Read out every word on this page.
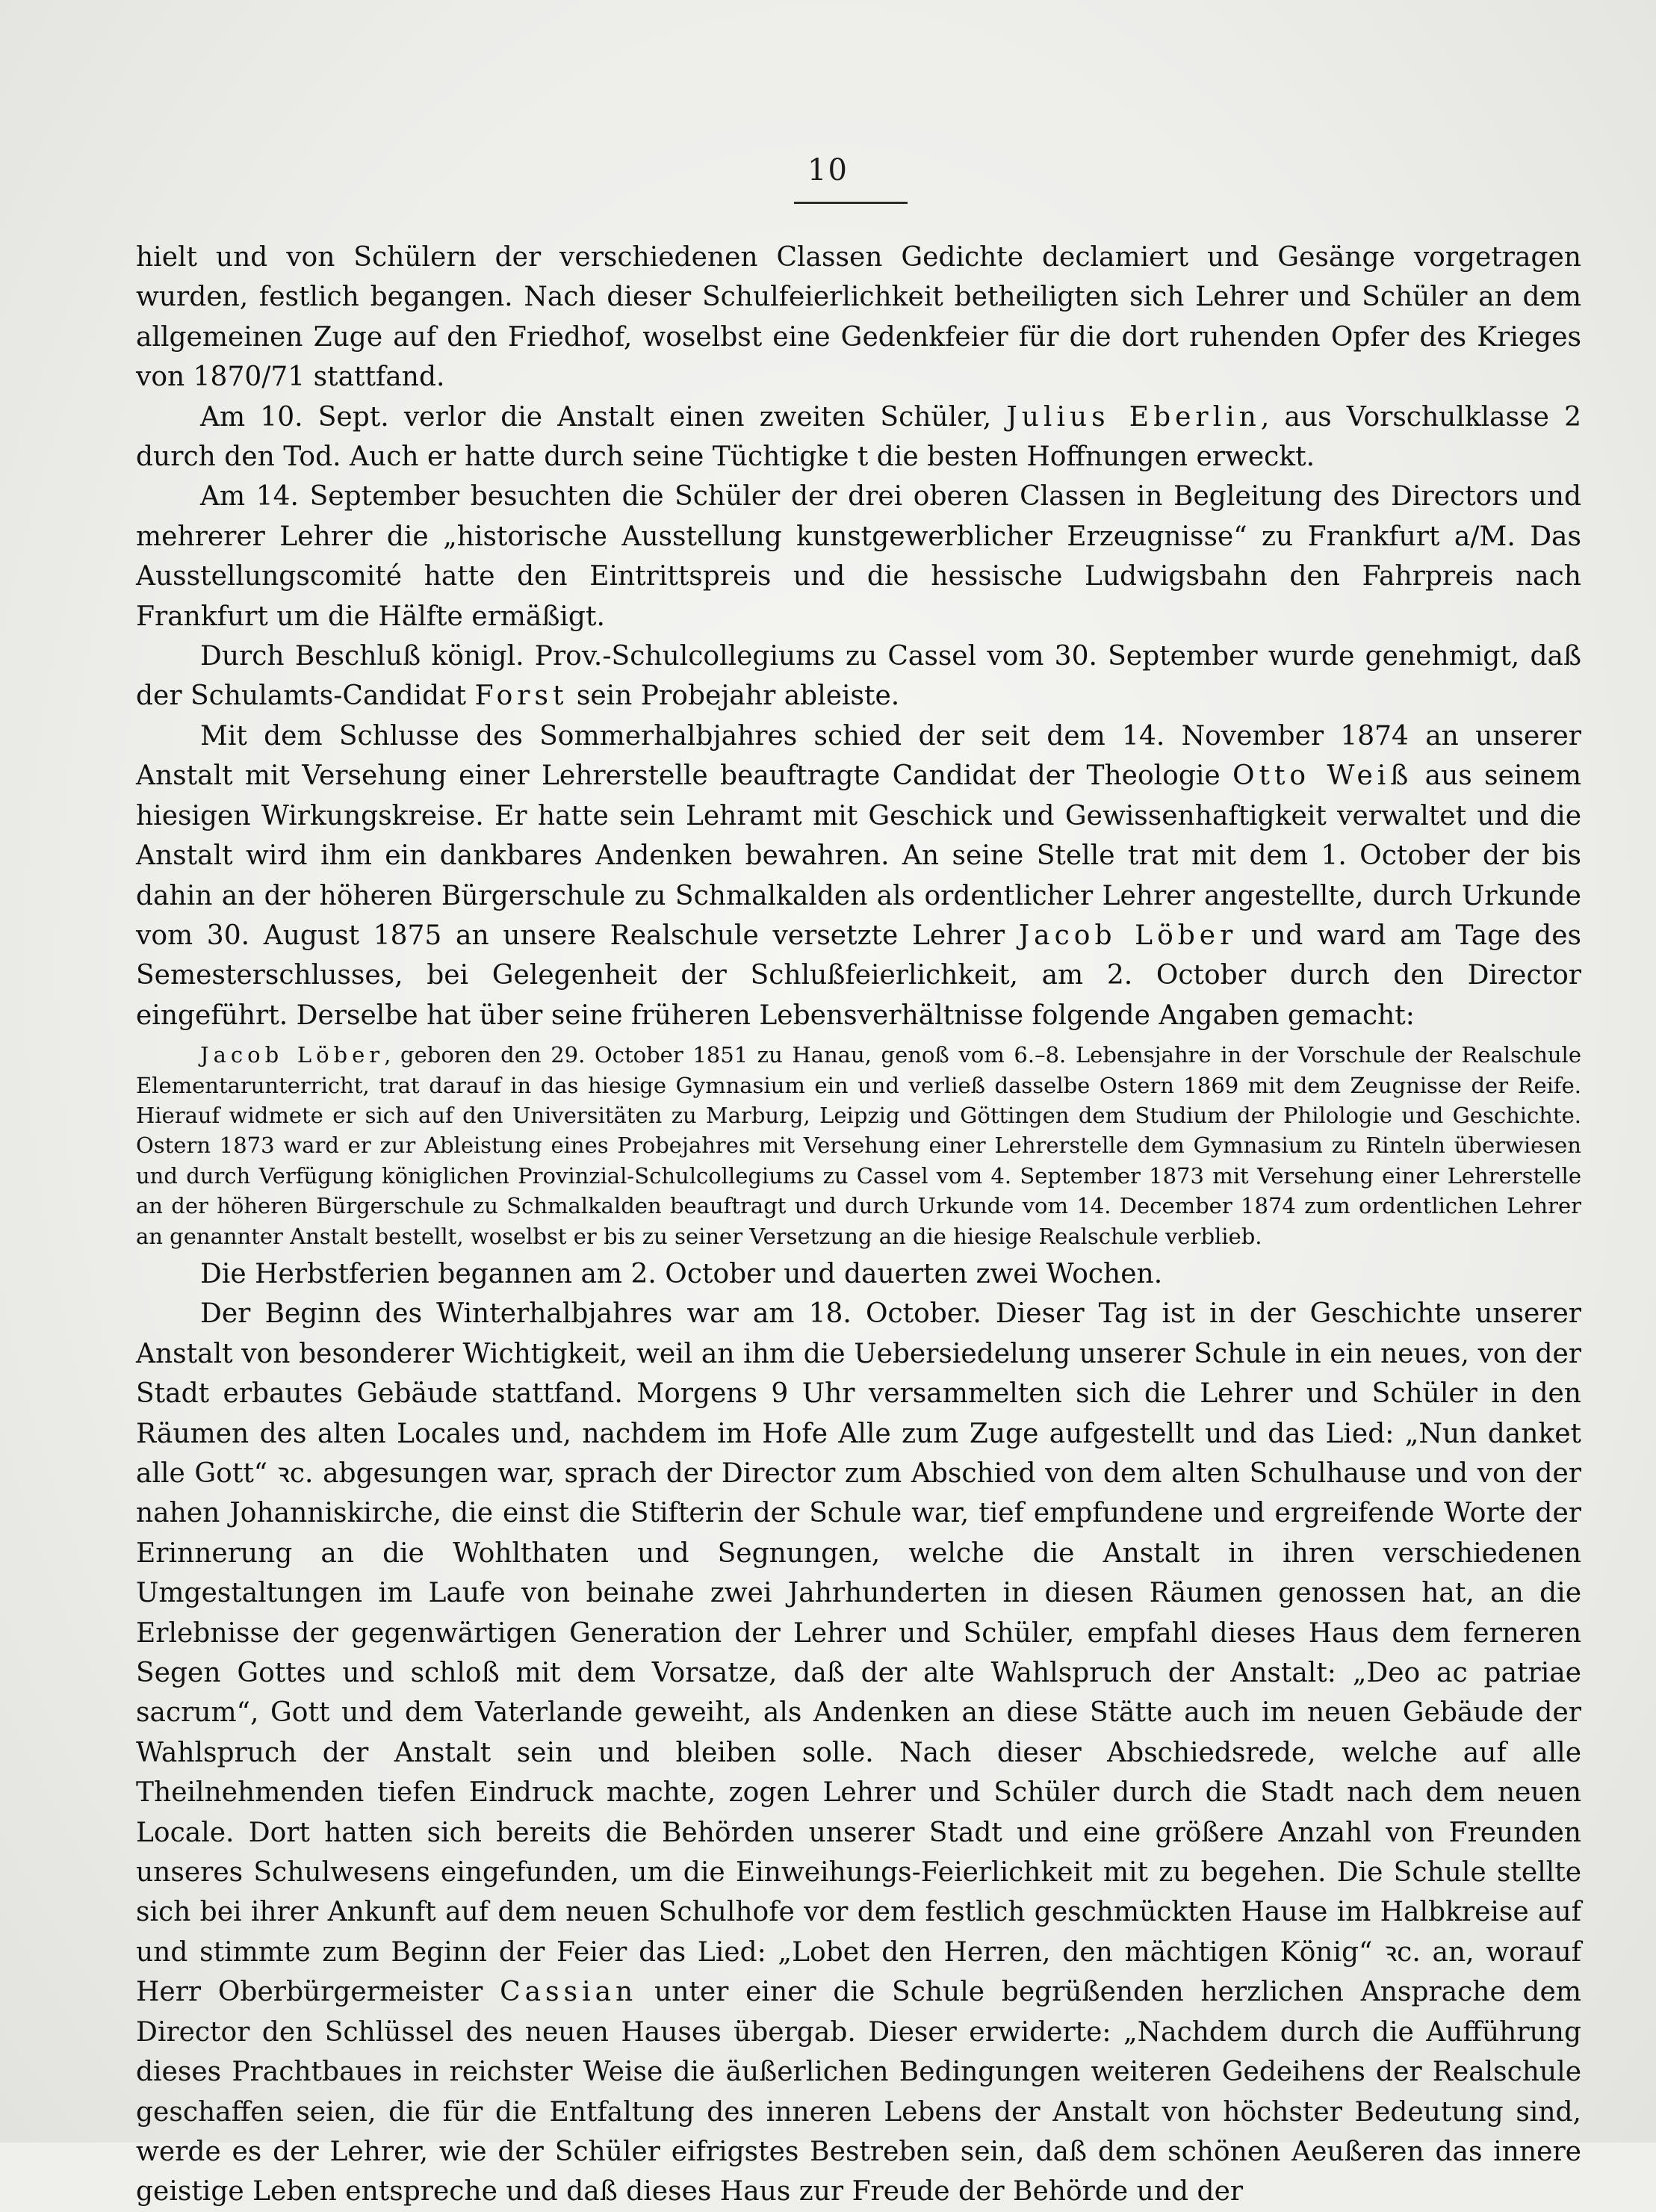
10

hielt und von Schülern der verschiedenen Classen Gedichte declamiert und Gesänge vorgetragen wurden, festlich begangen. Nach dieser Schulfeierlichkeit betheiligten sich Lehrer und Schüler an dem allgemeinen Zuge auf den Friedhof, woselbst eine Gedenkfeier für die dort ruhenden Opfer des Krieges von 1870/71 stattfand.

Am 10. Sept. verlor die Anstalt einen zweiten Schüler, Julius Eberlin, aus Vorschulklasse 2 durch den Tod. Auch er hatte durch seine Tüchtigke t die besten Hoffnungen erweckt.

Am 14. September besuchten die Schüler der drei oberen Classen in Begleitung des Directors und mehrerer Lehrer die „historische Ausstellung kunstgewerblicher Erzeugnisse“ zu Frankfurt a/M. Das Ausstellungscomité hatte den Eintrittspreis und die hessische Ludwigsbahn den Fahrpreis nach Frankfurt um die Hälfte ermäßigt.

Durch Beschluß königl. Prov.-Schulcollegiums zu Cassel vom 30. September wurde genehmigt, daß der Schulamts-Candidat Forst sein Probejahr ableiste.

Mit dem Schlusse des Sommerhalbjahres schied der seit dem 14. November 1874 an unserer Anstalt mit Versehung einer Lehrerstelle beauftragte Candidat der Theologie Otto Weiß aus seinem hiesigen Wirkungskreise. Er hatte sein Lehramt mit Geschick und Gewissenhaftigkeit verwaltet und die Anstalt wird ihm ein dankbares Andenken bewahren. An seine Stelle trat mit dem 1. October der bis dahin an der höheren Bürgerschule zu Schmalkalden als ordentlicher Lehrer angestellte, durch Urkunde vom 30. August 1875 an unsere Realschule versetzte Lehrer Jacob Löber und ward am Tage des Semesterschlusses, bei Gelegenheit der Schlußfeierlichkeit, am 2. October durch den Director eingeführt. Derselbe hat über seine früheren Lebensverhältnisse folgende Angaben gemacht:

Jacob Löber, geboren den 29. October 1851 zu Hanau, genoß vom 6.–8. Lebensjahre in der Vorschule der Realschule Elementarunterricht, trat darauf in das hiesige Gymnasium ein und verließ dasselbe Ostern 1869 mit dem Zeugnisse der Reife. Hierauf widmete er sich auf den Universitäten zu Marburg, Leipzig und Göttingen dem Studium der Philologie und Geschichte. Ostern 1873 ward er zur Ableistung eines Probejahres mit Versehung einer Lehrerstelle dem Gymnasium zu Rinteln überwiesen und durch Verfügung königlichen Provinzial-Schulcollegiums zu Cassel vom 4. September 1873 mit Versehung einer Lehrerstelle an der höheren Bürgerschule zu Schmalkalden beauftragt und durch Urkunde vom 14. December 1874 zum ordentlichen Lehrer an genannter Anstalt bestellt, woselbst er bis zu seiner Versetzung an die hiesige Realschule verblieb.

Die Herbstferien begannen am 2. October und dauerten zwei Wochen.

Der Beginn des Winterhalbjahres war am 18. October. Dieser Tag ist in der Geschichte unserer Anstalt von besonderer Wichtigkeit, weil an ihm die Uebersiedelung unserer Schule in ein neues, von der Stadt erbautes Gebäude stattfand. Morgens 9 Uhr versammelten sich die Lehrer und Schüler in den Räumen des alten Locales und, nachdem im Hofe Alle zum Zuge aufgestellt und das Lied: „Nun danket alle Gott“ ꝛc. abgesungen war, sprach der Director zum Abschied von dem alten Schulhause und von der nahen Johanniskirche, die einst die Stifterin der Schule war, tief empfundene und ergreifende Worte der Erinnerung an die Wohlthaten und Segnungen, welche die Anstalt in ihren verschiedenen Umgestaltungen im Laufe von beinahe zwei Jahrhunderten in diesen Räumen genossen hat, an die Erlebnisse der gegenwärtigen Generation der Lehrer und Schüler, empfahl dieses Haus dem ferneren Segen Gottes und schloß mit dem Vorsatze, daß der alte Wahlspruch der Anstalt: „Deo ac patriae sacrum“, Gott und dem Vaterlande geweiht, als Andenken an diese Stätte auch im neuen Gebäude der Wahlspruch der Anstalt sein und bleiben solle. Nach dieser Abschiedsrede, welche auf alle Theilnehmenden tiefen Eindruck machte, zogen Lehrer und Schüler durch die Stadt nach dem neuen Locale. Dort hatten sich bereits die Behörden unserer Stadt und eine größere Anzahl von Freunden unseres Schulwesens eingefunden, um die Einweihungs-Feierlichkeit mit zu begehen. Die Schule stellte sich bei ihrer Ankunft auf dem neuen Schulhofe vor dem festlich geschmückten Hause im Halbkreise auf und stimmte zum Beginn der Feier das Lied: „Lobet den Herren, den mächtigen König“ ꝛc. an, worauf Herr Oberbürgermeister Cassian unter einer die Schule begrüßenden herzlichen Ansprache dem Director den Schlüssel des neuen Hauses übergab. Dieser erwiderte: „Nachdem durch die Aufführung dieses Prachtbaues in reichster Weise die äußerlichen Bedingungen weiteren Gedeihens der Realschule geschaffen seien, die für die Entfaltung des inneren Lebens der Anstalt von höchster Bedeutung sind, werde es der Lehrer, wie der Schüler eifrigstes Bestreben sein, daß dem schönen Aeußeren das innere geistige Leben entspreche und daß dieses Haus zur Freude der Behörde und der
